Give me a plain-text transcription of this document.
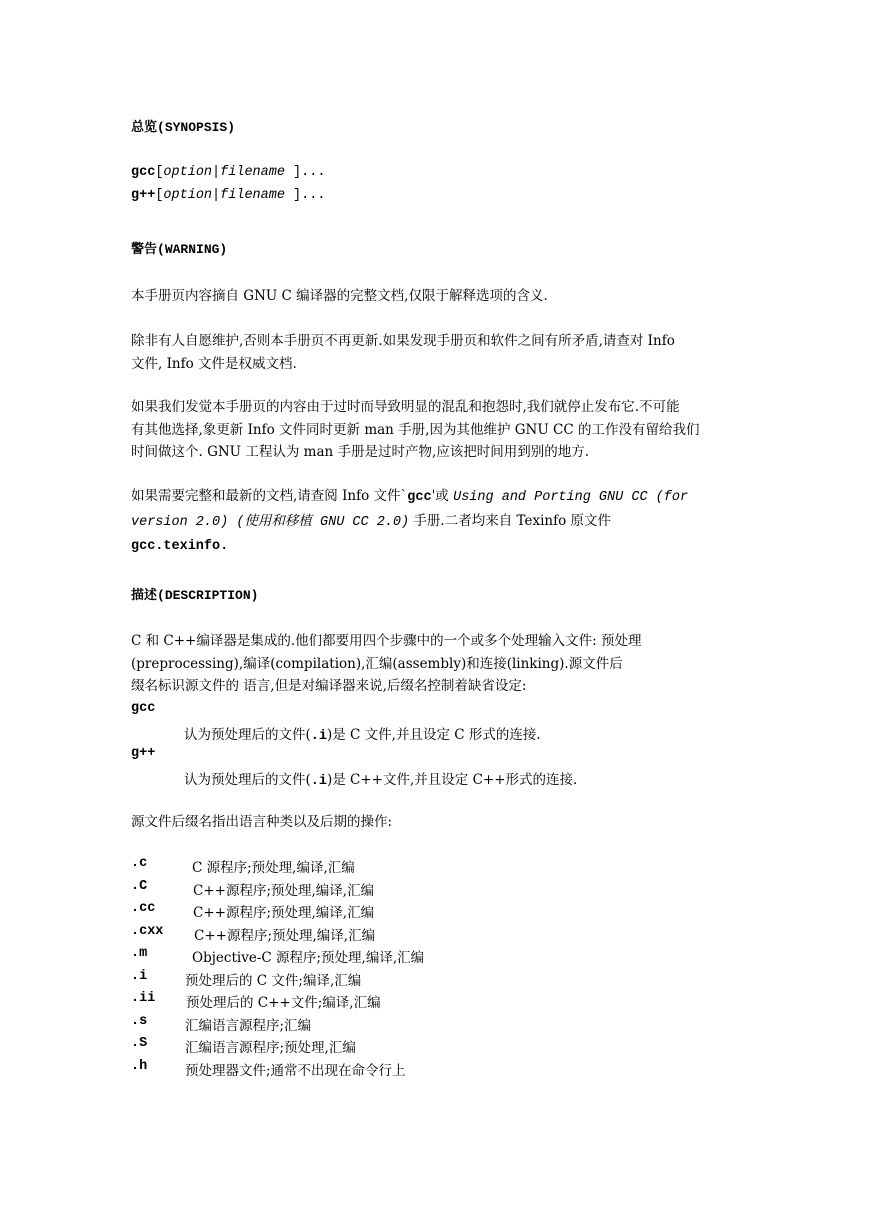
总览(SYNOPSIS)
gcc[option|filename ]...
g++[option|filename ]...
警告(WARNING)
本手册页内容摘自 GNU C 编译器的完整文档,仅限于解释选项的含义.
除非有人自愿维护,否则本手册页不再更新.如果发现手册页和软件之间有所矛盾,请查对 Info
文件, Info 文件是权威文档.
如果我们发觉本手册页的内容由于过时而导致明显的混乱和抱怨时,我们就停止发布它.不可能
有其他选择,象更新 Info 文件同时更新 man 手册,因为其他维护 GNU CC 的工作没有留给我们
时间做这个. GNU 工程认为 man 手册是过时产物,应该把时间用到别的地方.
如果需要完整和最新的文档,请查阅 Info 文件`gcc'或 Using and Porting GNU CC (for
version 2.0) (使用和移植 GNU CC 2.0) 手册.二者均来自 Texinfo 原文件
gcc.texinfo.
描述(DESCRIPTION)
C 和 C++编译器是集成的.他们都要用四个步骤中的一个或多个处理输入文件: 预处理
(preprocessing),编译(compilation),汇编(assembly)和连接(linking).源文件后
缀名标识源文件的 语言,但是对编译器来说,后缀名控制着缺省设定:
gcc
认为预处理后的文件(.i)是 C 文件,并且设定 C 形式的连接.
g++
认为预处理后的文件(.i)是 C++文件,并且设定 C++形式的连接.
源文件后缀名指出语言种类以及后期的操作:
.c	C 源程序;预处理,编译,汇编
.C	C++源程序;预处理,编译,汇编
.cc	C++源程序;预处理,编译,汇编
.cxx C++源程序;预处理,编译,汇编
.m	Objective-C 源程序;预处理,编译,汇编
.i	预处理后的 C 文件;编译,汇编
.ii 预处理后的 C++文件;编译,汇编
.s	汇编语言源程序;汇编
.S	汇编语言源程序;预处理,汇编
.h	预处理器文件;通常不出现在命令行上
